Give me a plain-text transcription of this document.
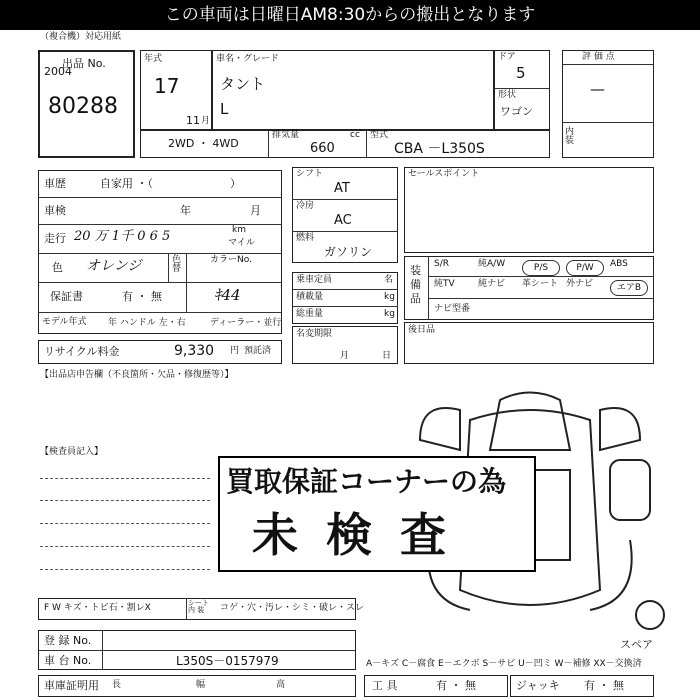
この車両は日曜日AM8:30からの搬出となります
（複合機）対応用紙
出品 No.
2004
80288
年式
17
11 月
車名・グレード
タント
L
ドア
5
形状
ワゴン
評 価 点
—
内装
2WD ・ 4WD
排気量	cc
660
型式
CBA －L350S
車歴	自家用 ・（　　　　　　　）
車検	年	月
走行 20 万 1千 0 6 5	km
マイル
色 オレンジ	色替
カラーNo.
保証書	有 ・ 無	ｷ44
モデル年式 年 ハンドル 左・右	ディーラー・並行
リサイクル料金	9,330 円 預託済
【出品店申告欄（不良箇所・欠品・修復歴等）】
シフト
AT
冷房
AC
燃料
ガソリン
乗車定員	名
積載量	kg
総重量	kg
名変期限
月	日
セールスポイント
装備品
S/R	純A/W	P/S	P/W	ABS
純TV	純ナビ 革シート 外ナビ	エアB
ナビ型番
後日品
【検査員記入】
買取保証コーナーの為
未 検 査
F W キズ・トビ石・割レX	シート内 装	コゲ・穴・汚レ・シミ・破レ・スレ
スペア
登 録 No.
車 台 No.	L350S－0157979	A－キズ C－腐食 E－エクボ S－サビ U－凹ミ W－補修 XX－交換済
車庫証明用 長	幅	高	工 具	有 ・ 無	ジャッキ 有 ・ 無
